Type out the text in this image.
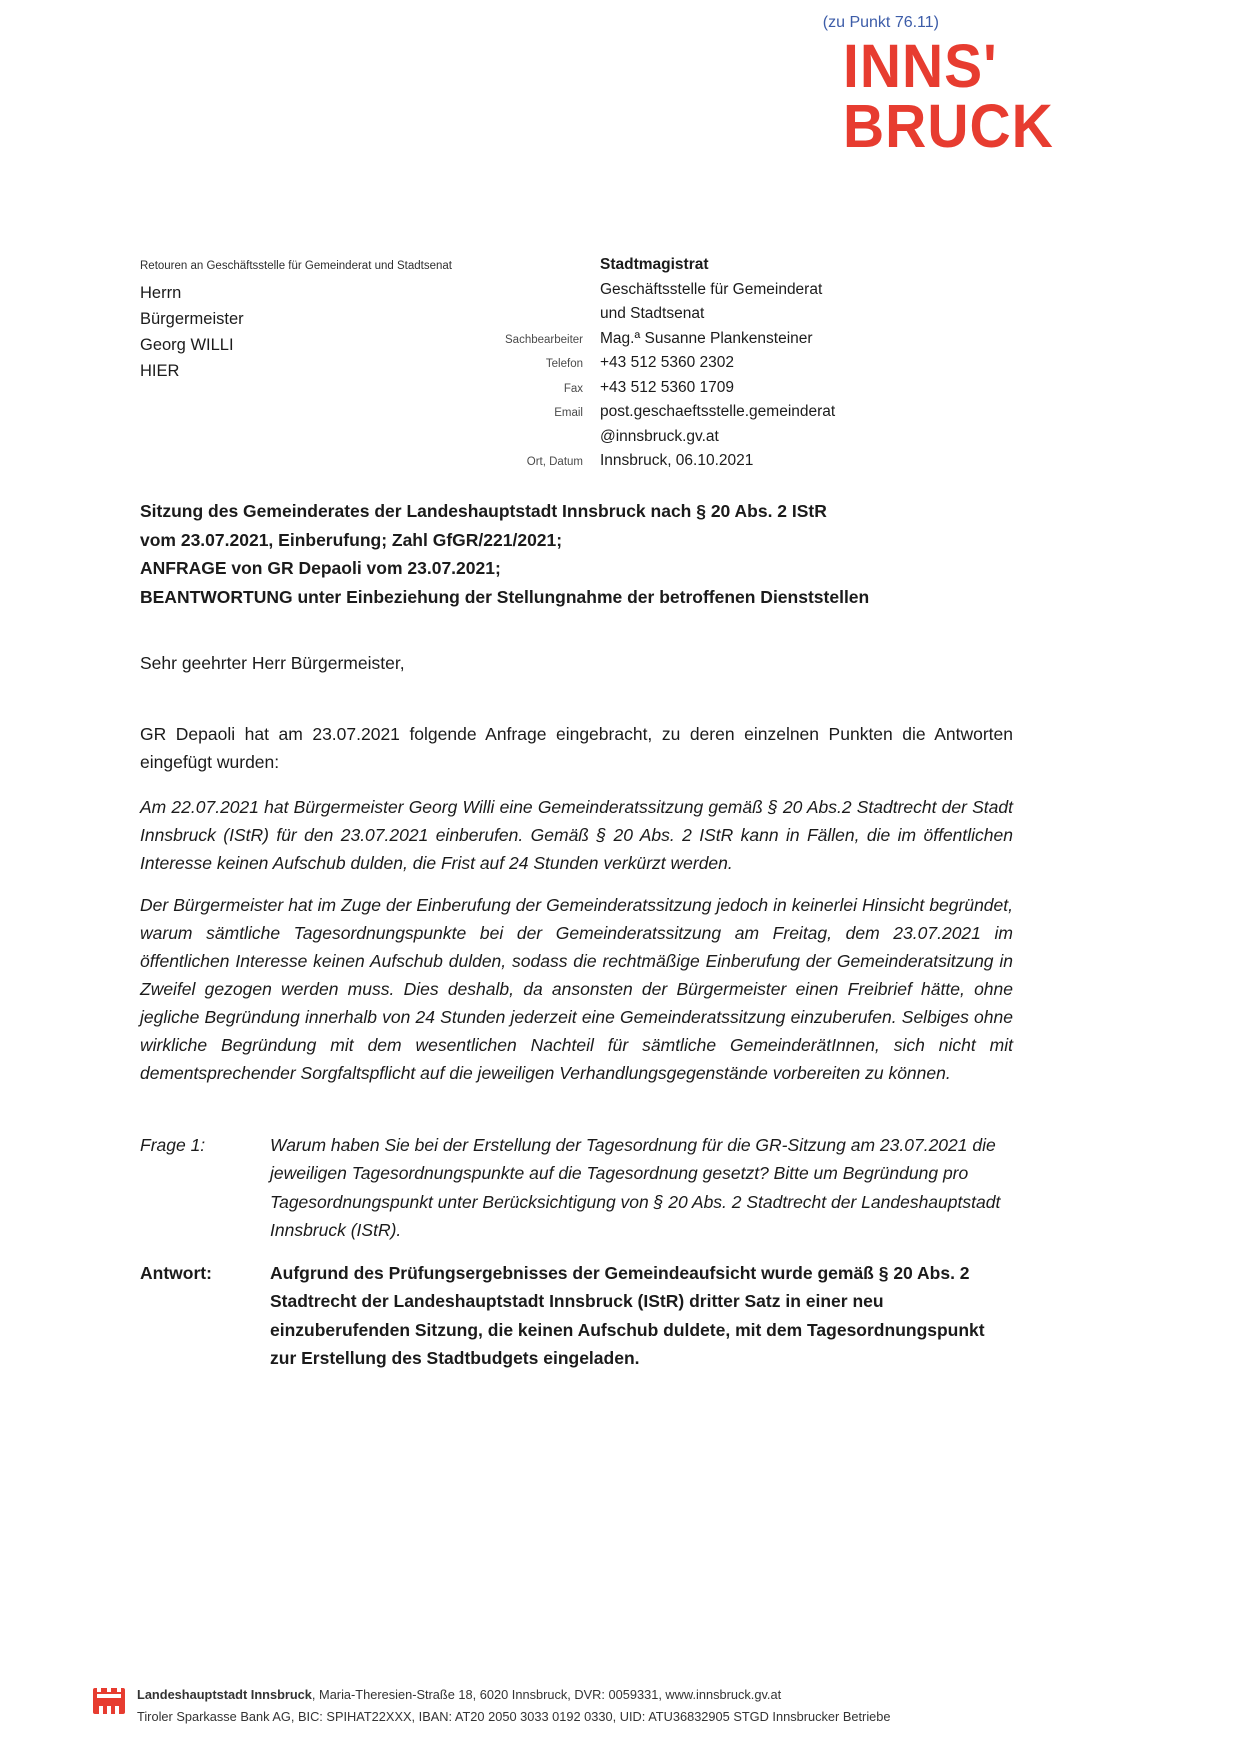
(zu Punkt 76.11)
INNS'
BRUCK
Retouren an Geschäftsstelle für Gemeinderat und Stadtsenat
Herrn
Bürgermeister
Georg WILLI
HIER
Stadtmagistrat
Geschäftsstelle für Gemeinderat
und Stadtsenat
Sachbearbeiter	Mag.ª Susanne Plankensteiner
Telefon	+43 512 5360 2302
Fax	+43 512 5360 1709
Email	post.geschaeftsstelle.gemeinderat
@innsbruck.gv.at
Ort, Datum	Innsbruck, 06.10.2021
Sitzung des Gemeinderates der Landeshauptstadt Innsbruck nach § 20 Abs. 2 IStR
vom 23.07.2021, Einberufung; Zahl GfGR/221/2021;
ANFRAGE von GR Depaoli vom 23.07.2021;
BEANTWORTUNG unter Einbeziehung der Stellungnahme der betroffenen Dienststellen
Sehr geehrter Herr Bürgermeister,
GR Depaoli hat am 23.07.2021 folgende Anfrage eingebracht, zu deren einzelnen Punkten die Antworten eingefügt wurden:
Am 22.07.2021 hat Bürgermeister Georg Willi eine Gemeinderatssitzung gemäß § 20 Abs.2 Stadtrecht der Stadt Innsbruck (IStR) für den 23.07.2021 einberufen. Gemäß § 20 Abs. 2 IStR kann in Fällen, die im öffentlichen Interesse keinen Aufschub dulden, die Frist auf 24 Stunden verkürzt werden.
Der Bürgermeister hat im Zuge der Einberufung der Gemeinderatssitzung jedoch in keinerlei Hinsicht begründet, warum sämtliche Tagesordnungspunkte bei der Gemeinderatssitzung am Freitag, dem 23.07.2021 im öffentlichen Interesse keinen Aufschub dulden, sodass die rechtmäßige Einberufung der Gemeinderatsitzung in Zweifel gezogen werden muss. Dies deshalb, da ansonsten der Bürgermeister einen Freibrief hätte, ohne jegliche Begründung innerhalb von 24 Stunden jederzeit eine Gemeinderatssitzung einzuberufen. Selbiges ohne wirkliche Begründung mit dem wesentlichen Nachteil für sämtliche GemeinderätInnen, sich nicht mit dementsprechender Sorgfaltspflicht auf die jeweiligen Verhandlungsgegenstände vorbereiten zu können.
Frage 1:	Warum haben Sie bei der Erstellung der Tagesordnung für die GR-Sitzung am 23.07.2021 die jeweiligen Tagesordnungspunkte auf die Tagesordnung gesetzt? Bitte um Begründung pro Tagesordnungspunkt unter Berücksichtigung von § 20 Abs. 2 Stadtrecht der Landeshauptstadt Innsbruck (IStR).
Antwort:	Aufgrund des Prüfungsergebnisses der Gemeindeaufsicht wurde gemäß § 20 Abs. 2 Stadtrecht der Landeshauptstadt Innsbruck (IStR) dritter Satz in einer neu einzuberufenden Sitzung, die keinen Aufschub duldete, mit dem Tagesordnungspunkt zur Erstellung des Stadtbudgets eingeladen.
Landeshauptstadt Innsbruck, Maria-Theresien-Straße 18, 6020 Innsbruck, DVR: 0059331, www.innsbruck.gv.at
Tiroler Sparkasse Bank AG, BIC: SPIHAT22XXX, IBAN: AT20 2050 3033 0192 0330, UID: ATU36832905 STGD Innsbrucker Betriebe
